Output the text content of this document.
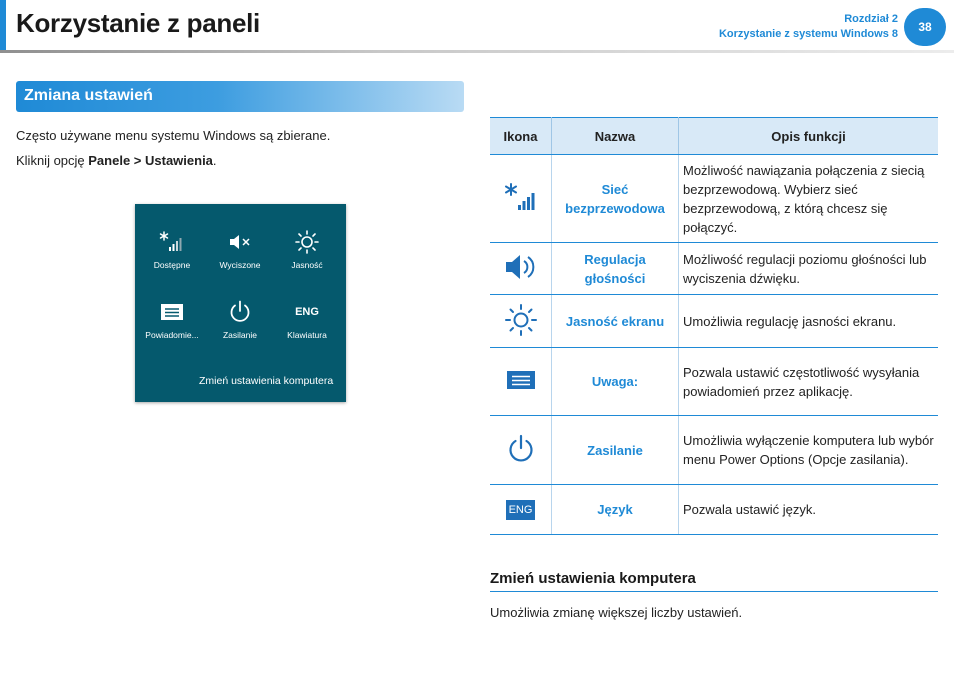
Korzystanie z paneli	Rozdział 2
Korzystanie z systemu Windows 8	38
Zmiana ustawień
Często używane menu systemu Windows są zbierane.
Kliknij opcję Panele > Ustawienia.
Dostępne	Wyciszone	Jasność
Powiadomie...	Zasilanie
ENG
Klawiatura
Zmień ustawienia komputera
Ikona	Nazwa	Opis funkcji
	Sieć bezprzewodowa	Możliwość nawiązania połączenia z siecią bezprzewodową. Wybierz sieć bezprzewodową, z którą chcesz się połączyć.
	Regulacja głośności	Możliwość regulacji poziomu głośności lub wyciszenia dźwięku.
	Jasność ekranu	Umożliwia regulację jasności ekranu.
	Uwaga:	Pozwala ustawić częstotliwość wysyłania powiadomień przez aplikację.
	Zasilanie	Umożliwia wyłączenie komputera lub wybór menu Power Options (Opcje zasilania).
ENG	Język	Pozwala ustawić język.
Zmień ustawienia komputera
Umożliwia zmianę większej liczby ustawień.
